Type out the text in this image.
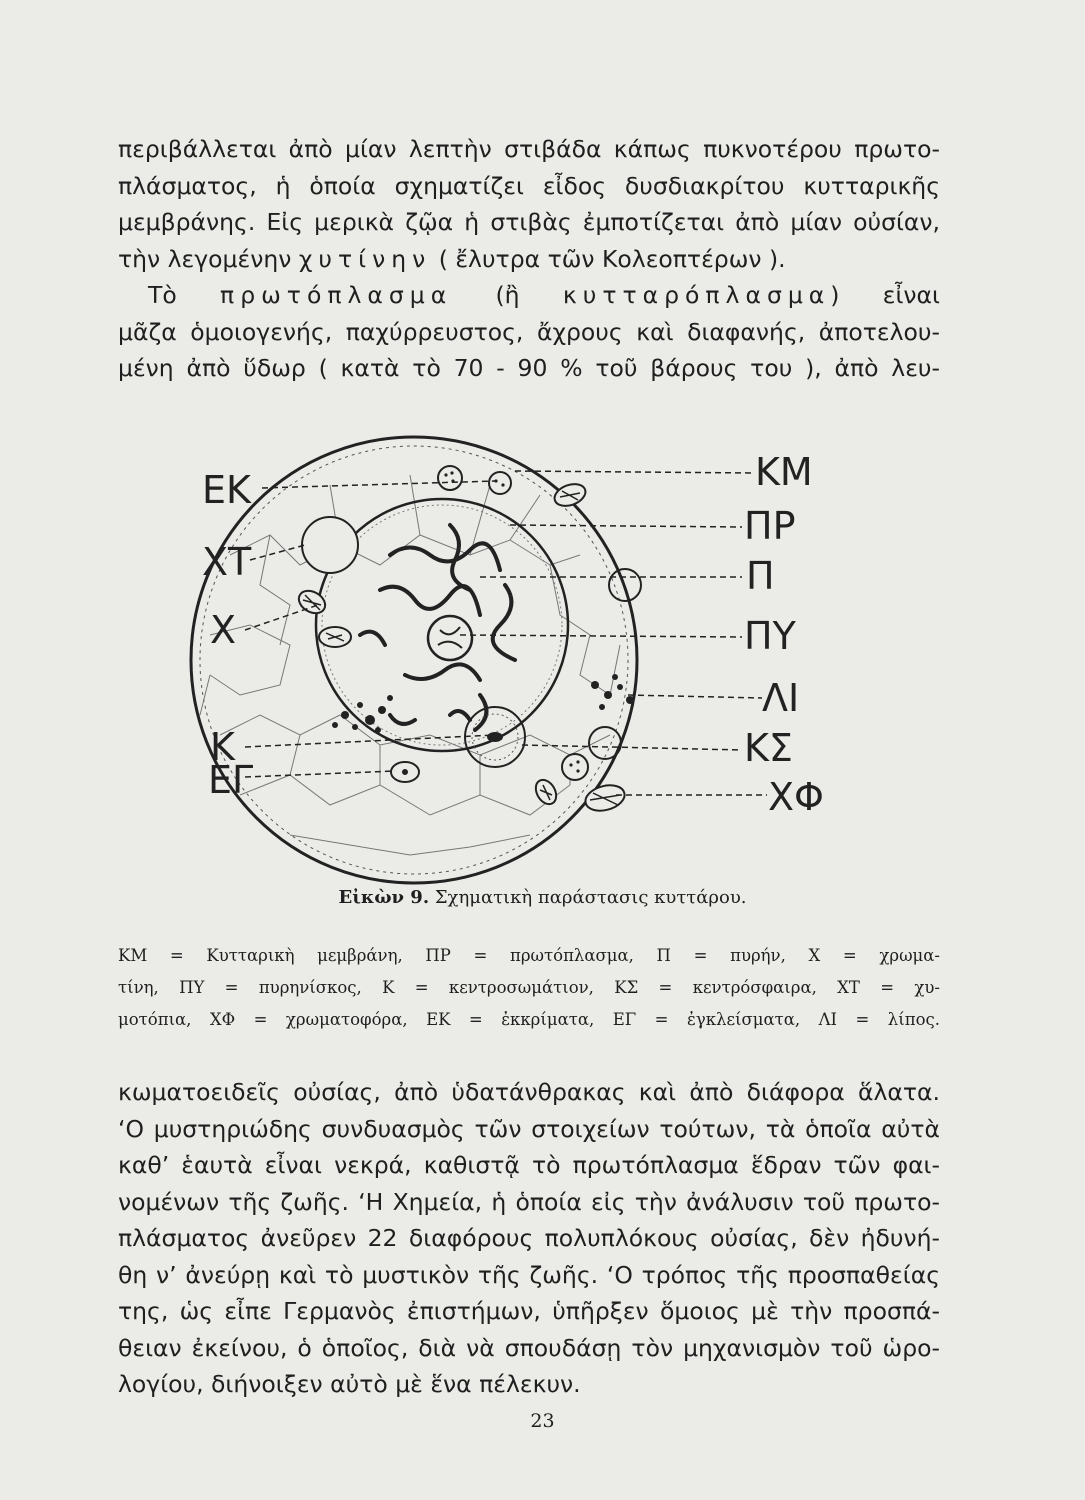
περιβάλλεται ἀπὸ μίαν λεπτὴν στιβάδα κάπως πυκνοτέρου πρωτο-
πλάσματος, ἡ ὁποία σχηματίζει εἶδος δυσδιακρίτου κυτταρικῆς
μεμβράνης. Εἰς μερικὰ ζῷα ἡ στιβὰς ἐμποτίζεται ἀπὸ μίαν οὐσίαν,
τὴν λεγομένην χυτίνην ( ἔλυτρα τῶν Κολεοπτέρων ).
Τὸ πρωτόπλασμα (ἢ κυτταρόπλασμα) εἶναι
μᾶζα ὁμοιογενής, παχύρρευστος, ἄχρους καὶ διαφανής, ἀποτελου-
μένη ἀπὸ ὕδωρ ( κατὰ τὸ 70 - 90 % τοῦ βάρους του ), ἀπὸ λευ-

ΕΚ
ΧΤ
Χ
Κ
ΕΓ
ΚΜ
ΠΡ
Π
ΠΥ
ΛΙ
ΚΣ
ΧΦ
Εἰκὼν 9. Σχηματικὴ παράστασις κυττάρου.
ΚΜ = Κυτταρικὴ μεμβράνη, ΠΡ = πρωτόπλασμα, Π = πυρήν, Χ = χρωμα-
τίνη, ΠΥ = πυρηνίσκος, Κ = κεντροσωμάτιον, ΚΣ = κεντρόσφαιρα, ΧΤ = χυ-
μοτόπια, ΧΦ = χρωματοφόρα, ΕΚ = ἐκκρίματα, ΕΓ = ἐγκλείσματα, ΛΙ = λίπος.

κωματοειδεῖς οὐσίας, ἀπὸ ὑδατάνθρακας καὶ ἀπὸ διάφορα ἅλατα.
‘Ο μυστηριώδης συνδυασμὸς τῶν στοιχείων τούτων, τὰ ὁποῖα αὐτὰ
καθ’ ἑαυτὰ εἶναι νεκρά, καθιστᾷ τὸ πρωτόπλασμα ἕδραν τῶν φαι-
νομένων τῆς ζωῆς. ‘Η Χημεία, ἡ ὁποία εἰς τὴν ἀνάλυσιν τοῦ πρωτο-
πλάσματος ἀνεῦρεν 22 διαφόρους πολυπλόκους οὐσίας, δὲν ἠδυνή-
θη ν’ ἀνεύρῃ καὶ τὸ μυστικὸν τῆς ζωῆς. ‘Ο τρόπος τῆς προσπαθείας
της, ὡς εἶπε Γερμανὸς ἐπιστήμων, ὑπῆρξεν ὅμοιος μὲ τὴν προσπά-
θειαν ἐκείνου, ὁ ὁποῖος, διὰ νὰ σπουδάσῃ τὸν μηχανισμὸν τοῦ ὡρο-
λογίου, διήνοιξεν αὐτὸ μὲ ἕνα πέλεκυν.

23
